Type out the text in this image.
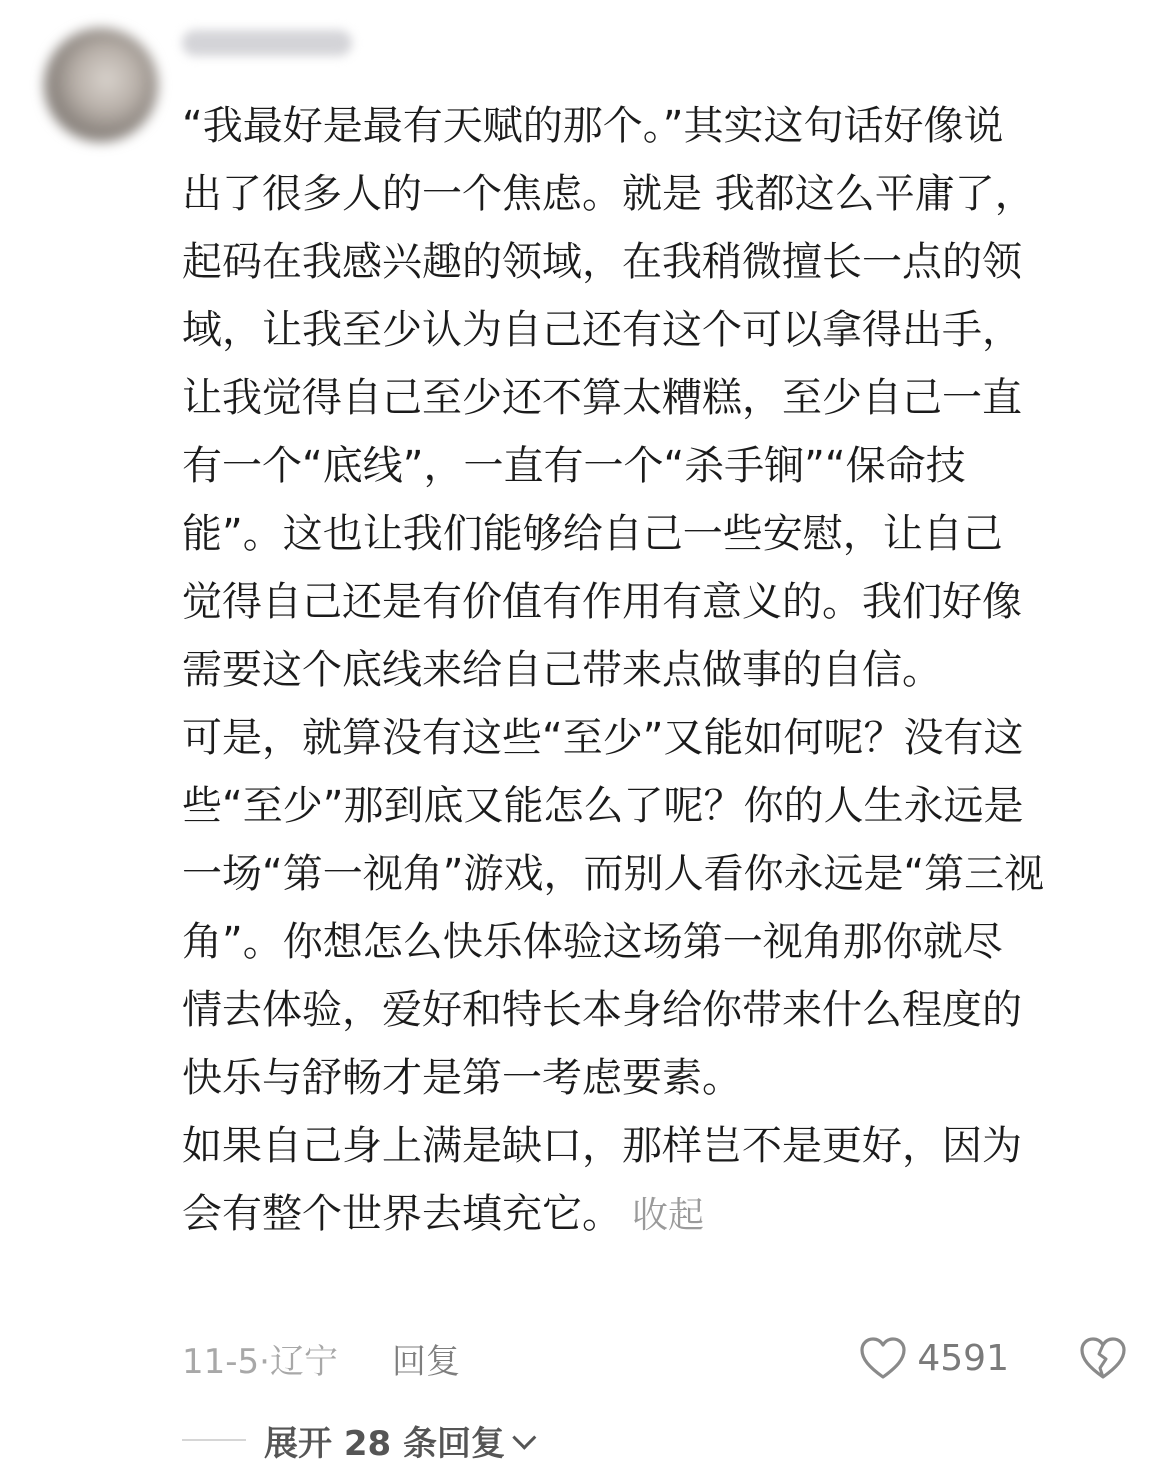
“我最好是最有天赋的那个。”其实这句话好像说
出了很多人的一个焦虑。就是 我都这么平庸了，
起码在我感兴趣的领域，在我稍微擅长一点的领
域，让我至少认为自己还有这个可以拿得出手，
让我觉得自己至少还不算太糟糕，至少自己一直
有一个“底线”，一直有一个“杀手锏”“保命技
能”。这也让我们能够给自己一些安慰，让自己
觉得自己还是有价值有作用有意义的。我们好像
需要这个底线来给自己带来点做事的自信。
可是，就算没有这些“至少”又能如何呢？没有这
些“至少”那到底又能怎么了呢？你的人生永远是
一场“第一视角”游戏，而别人看你永远是“第三视
角”。你想怎么快乐体验这场第一视角那你就尽
情去体验，爱好和特长本身给你带来什么程度的
快乐与舒畅才是第一考虑要素。
如果自己身上满是缺口，那样岂不是更好，因为
会有整个世界去填充它。 收起
11-5·辽宁 回复	4591
展开 28 条回复
